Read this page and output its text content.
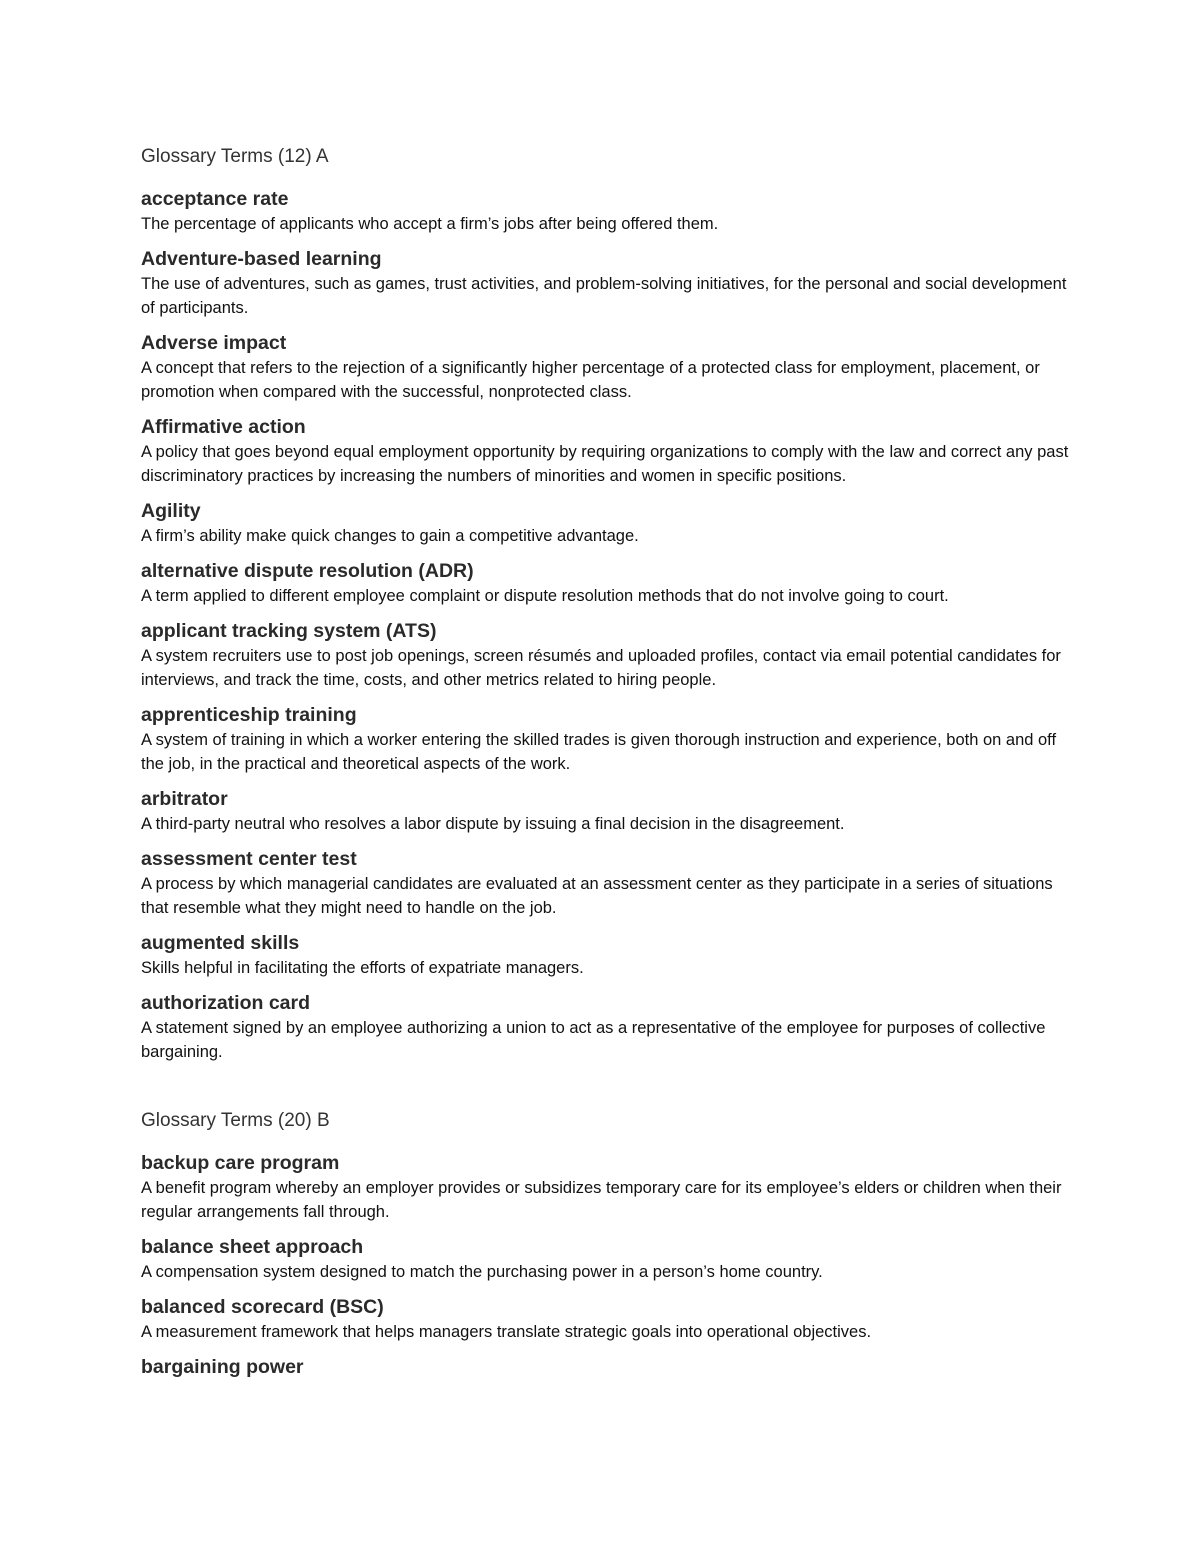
Glossary Terms (12) A
acceptance rate
The percentage of applicants who accept a firm’s jobs after being offered them.
Adventure-based learning
The use of adventures, such as games, trust activities, and problem-solving initiatives, for the personal and social development of participants.
Adverse impact
A concept that refers to the rejection of a significantly higher percentage of a protected class for employment, placement, or promotion when compared with the successful, nonprotected class.
Affirmative action
A policy that goes beyond equal employment opportunity by requiring organizations to comply with the law and correct any past discriminatory practices by increasing the numbers of minorities and women in specific positions.
Agility
A firm’s ability make quick changes to gain a competitive advantage.
alternative dispute resolution (ADR)
A term applied to different employee complaint or dispute resolution methods that do not involve going to court.
applicant tracking system (ATS)
A system recruiters use to post job openings, screen résumés and uploaded profiles, contact via email potential candidates for interviews, and track the time, costs, and other metrics related to hiring people.
apprenticeship training
A system of training in which a worker entering the skilled trades is given thorough instruction and experience, both on and off the job, in the practical and theoretical aspects of the work.
arbitrator
A third-party neutral who resolves a labor dispute by issuing a final decision in the disagreement.
assessment center test
A process by which managerial candidates are evaluated at an assessment center as they participate in a series of situations that resemble what they might need to handle on the job.
augmented skills
Skills helpful in facilitating the efforts of expatriate managers.
authorization card
A statement signed by an employee authorizing a union to act as a representative of the employee for purposes of collective bargaining.
Glossary Terms (20) B
backup care program
A benefit program whereby an employer provides or subsidizes temporary care for its employee’s elders or children when their regular arrangements fall through.
balance sheet approach
A compensation system designed to match the purchasing power in a person’s home country.
balanced scorecard (BSC)
A measurement framework that helps managers translate strategic goals into operational objectives.
bargaining power
